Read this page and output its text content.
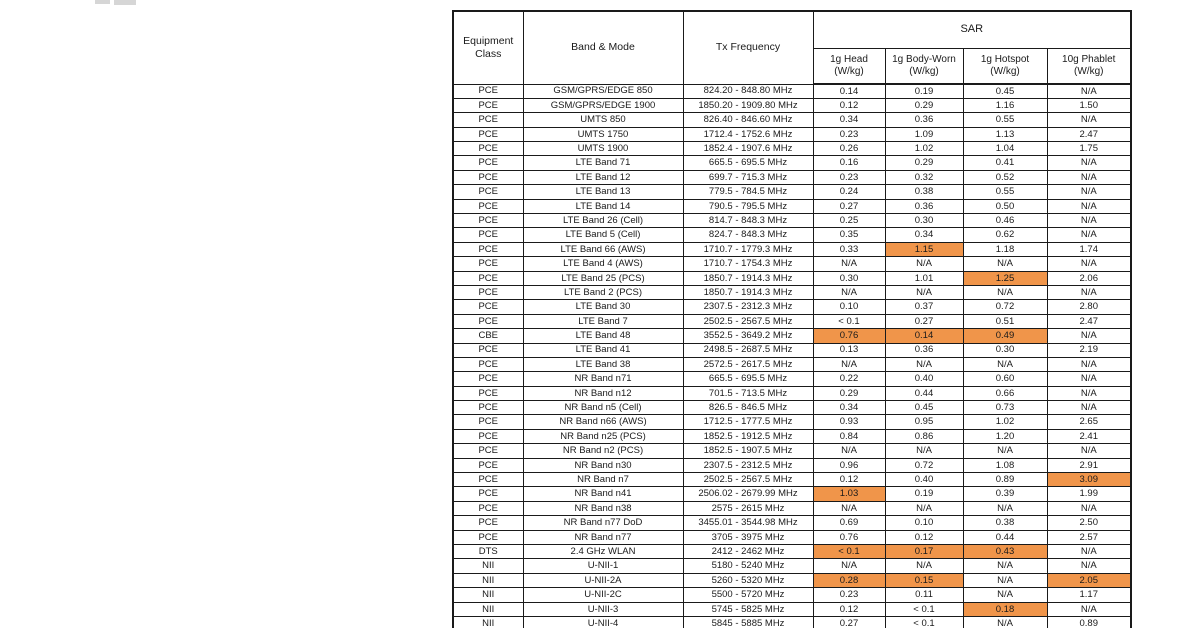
Equipment Class	Band & Mode	Tx Frequency	SAR			
			1g Head (W/kg)	1g Body-Worn (W/kg)	1g Hotspot (W/kg)	10g Phablet (W/kg)
PCE	GSM/GPRS/EDGE 850	824.20 - 848.80 MHz	0.14	0.19	0.45	N/A
PCE	GSM/GPRS/EDGE 1900	1850.20 - 1909.80 MHz	0.12	0.29	1.16	1.50
PCE	UMTS 850	826.40 - 846.60 MHz	0.34	0.36	0.55	N/A
PCE	UMTS 1750	1712.4 - 1752.6 MHz	0.23	1.09	1.13	2.47
PCE	UMTS 1900	1852.4 - 1907.6 MHz	0.26	1.02	1.04	1.75
PCE	LTE Band 71	665.5 - 695.5 MHz	0.16	0.29	0.41	N/A
PCE	LTE Band 12	699.7 - 715.3 MHz	0.23	0.32	0.52	N/A
PCE	LTE Band 13	779.5 - 784.5 MHz	0.24	0.38	0.55	N/A
PCE	LTE Band 14	790.5 - 795.5 MHz	0.27	0.36	0.50	N/A
PCE	LTE Band 26 (Cell)	814.7 - 848.3 MHz	0.25	0.30	0.46	N/A
PCE	LTE Band 5 (Cell)	824.7 - 848.3 MHz	0.35	0.34	0.62	N/A
PCE	LTE Band 66 (AWS)	1710.7 - 1779.3 MHz	0.33	1.15	1.18	1.74
PCE	LTE Band 4 (AWS)	1710.7 - 1754.3 MHz	N/A	N/A	N/A	N/A
PCE	LTE Band 25 (PCS)	1850.7 - 1914.3 MHz	0.30	1.01	1.25	2.06
PCE	LTE Band 2 (PCS)	1850.7 - 1914.3 MHz	N/A	N/A	N/A	N/A
PCE	LTE Band 30	2307.5 - 2312.3 MHz	0.10	0.37	0.72	2.80
PCE	LTE Band 7	2502.5 - 2567.5 MHz	< 0.1	0.27	0.51	2.47
CBE	LTE Band 48	3552.5 - 3649.2 MHz	0.76	0.14	0.49	N/A
PCE	LTE Band 41	2498.5 - 2687.5 MHz	0.13	0.36	0.30	2.19
PCE	LTE Band 38	2572.5 - 2617.5 MHz	N/A	N/A	N/A	N/A
PCE	NR Band n71	665.5 - 695.5 MHz	0.22	0.40	0.60	N/A
PCE	NR Band n12	701.5 - 713.5 MHz	0.29	0.44	0.66	N/A
PCE	NR Band n5 (Cell)	826.5 - 846.5 MHz	0.34	0.45	0.73	N/A
PCE	NR Band n66 (AWS)	1712.5 - 1777.5 MHz	0.93	0.95	1.02	2.65
PCE	NR Band n25 (PCS)	1852.5 - 1912.5 MHz	0.84	0.86	1.20	2.41
PCE	NR Band n2 (PCS)	1852.5 - 1907.5 MHz	N/A	N/A	N/A	N/A
PCE	NR Band n30	2307.5 - 2312.5 MHz	0.96	0.72	1.08	2.91
PCE	NR Band n7	2502.5 - 2567.5 MHz	0.12	0.40	0.89	3.09
PCE	NR Band n41	2506.02 - 2679.99 MHz	1.03	0.19	0.39	1.99
PCE	NR Band n38	2575 - 2615 MHz	N/A	N/A	N/A	N/A
PCE	NR Band n77 DoD	3455.01 - 3544.98 MHz	0.69	0.10	0.38	2.50
PCE	NR Band n77	3705 - 3975 MHz	0.76	0.12	0.44	2.57
DTS	2.4 GHz WLAN	2412 - 2462 MHz	< 0.1	0.17	0.43	N/A
NII	U-NII-1	5180 - 5240 MHz	N/A	N/A	N/A	N/A
NII	U-NII-2A	5260 - 5320 MHz	0.28	0.15	N/A	2.05
NII	U-NII-2C	5500 - 5720 MHz	0.23	0.11	N/A	1.17
NII	U-NII-3	5745 - 5825 MHz	0.12	< 0.1	0.18	N/A
NII	U-NII-4	5845 - 5885 MHz	0.27	< 0.1	N/A	0.89
